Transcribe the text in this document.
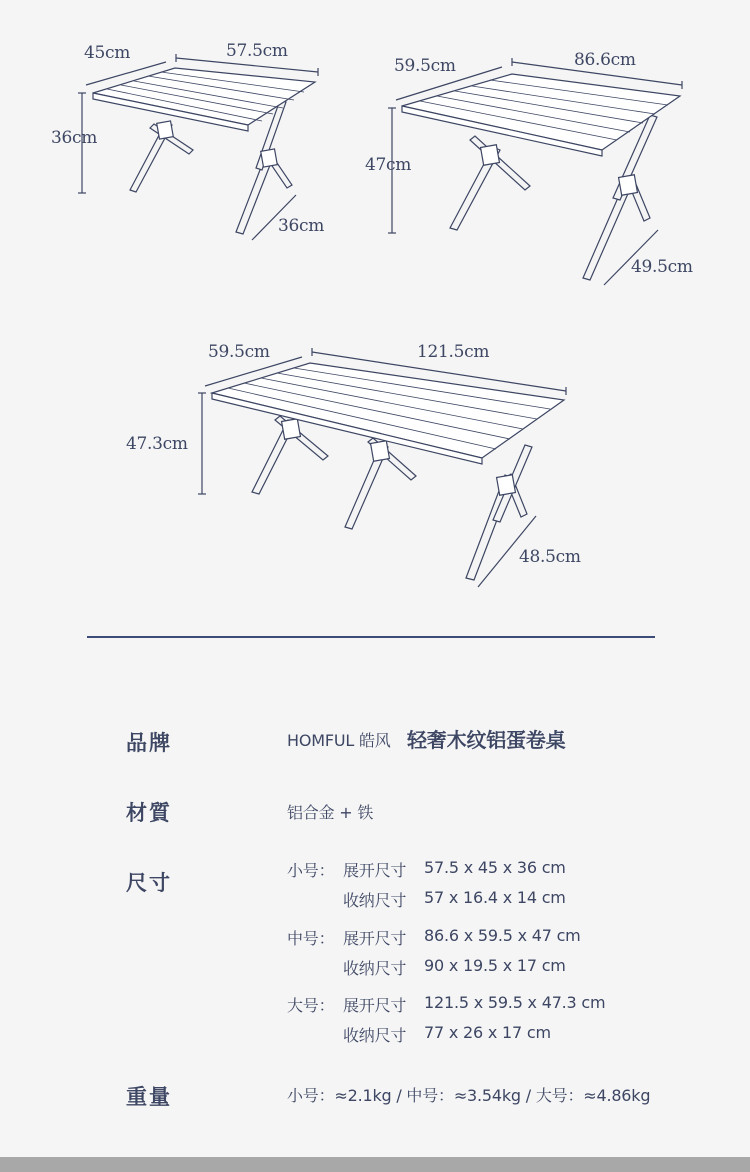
45cm	57.5cm
36cm
36cm
59.5cm	86.6cm
47cm
49.5cm
59.5cm	121.5cm
47.3cm
48.5cm
品牌	HOMFUL 皓风 轻奢木纹铝蛋卷桌
材質	铝合金 + 铁
尺寸	小号： 展开尺寸 57.5 x 45 x 36 cm
收纳尺寸 57 x 16.4 x 14 cm
中号： 展开尺寸 86.6 x 59.5 x 47 cm
收纳尺寸 90 x 19.5 x 17 cm
大号： 展开尺寸 121.5 x 59.5 x 47.3 cm
收纳尺寸 77 x 26 x 17 cm
重量	小号：≈2.1kg / 中号：≈3.54kg / 大号：≈4.86kg
